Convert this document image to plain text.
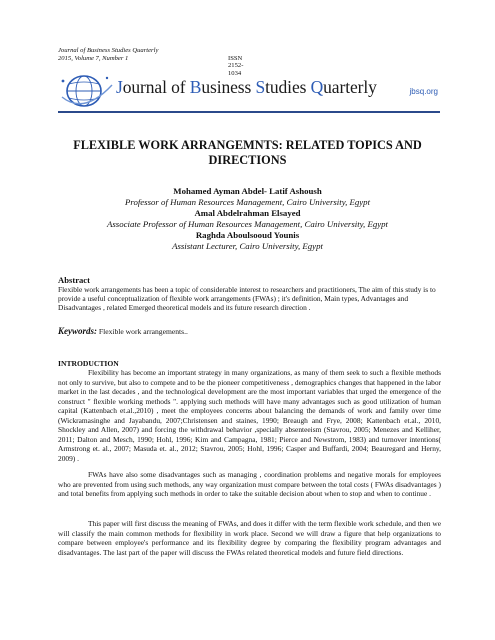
Journal of Business Studies Quarterly
2015, Volume 7, Number 1	ISSN 2152-1034
Journal of Business Studies Quarterly	jbsq.org
FLEXIBLE WORK ARRANGEMNTS: RELATED TOPICS AND
DIRECTIONS
Mohamed Ayman Abdel- Latif Ashoush
Professor of Human Resources Management, Cairo University, Egypt
Amal Abdelrahman Elsayed
Associate Professor of Human Resources Management, Cairo University, Egypt
Raghda Aboulsooud Younis
Assistant Lecturer, Cairo University, Egypt
Abstract
Flexible work arrangements has been a topic of considerable interest to researchers and practitioners, The aim of this study is to provide a useful conceptualization of flexible work arrangements (FWAs) ; it's definition, Main types, Advantages and Disadvantages , related Emerged theoretical models and its future research direction .
Keywords: Flexible work arrangements..
INTRODUCTION

Flexibility has become an important strategy in many organizations, as many of them seek to such a flexible methods not only to survive, but also to compete and to be the pioneer competitiveness , demographics changes that happened in the labor market in the last decades , and the technological development are the most important variables that urged the emergence of the construct " flexible working methods ". applying such methods will have many advantages such as good utilization of human capital (Kattenbach et.al.,2010) , meet the employees concerns about balancing the demands of work and family over time (Wickramasinghe and Jayabandu, 2007;Christensen and staines, 1990; Breaugh and Frye, 2008; Kattenbach et.al., 2010, Shockley and Allen, 2007) and forcing the withdrawal behavior ,specially absenteeism (Stavrou, 2005; Menezes and Kelliher, 2011; Dalton and Mesch, 1990; Hohl, 1996; Kim and Campagna, 1981; Pierce and Newstrom, 1983) and turnover intentions( Armstrong et. al., 2007; Masuda et. al., 2012; Stavrou, 2005; Hohl, 1996; Casper and Buffardi, 2004; Beauregard and Herny, 2009) .

FWAs have also some disadvantages such as managing , coordination problems and negative morals for employees who are prevented from using such methods, any way organization must compare between the total costs ( FWAs disadvantages ) and total benefits from applying such methods in order to take the suitable decision about when to stop and when to continue .

This paper will first discuss the meaning of FWAs, and does it differ with the term flexible work schedule, and then we will classify the main common methods for flexibility in work place. Second we will draw a figure that help organizations to compare between employee's performance and its flexibility degree by comparing the flexibility program advantages and disadvantages. The last part of the paper will discuss the FWAs related theoretical models and future field directions.
